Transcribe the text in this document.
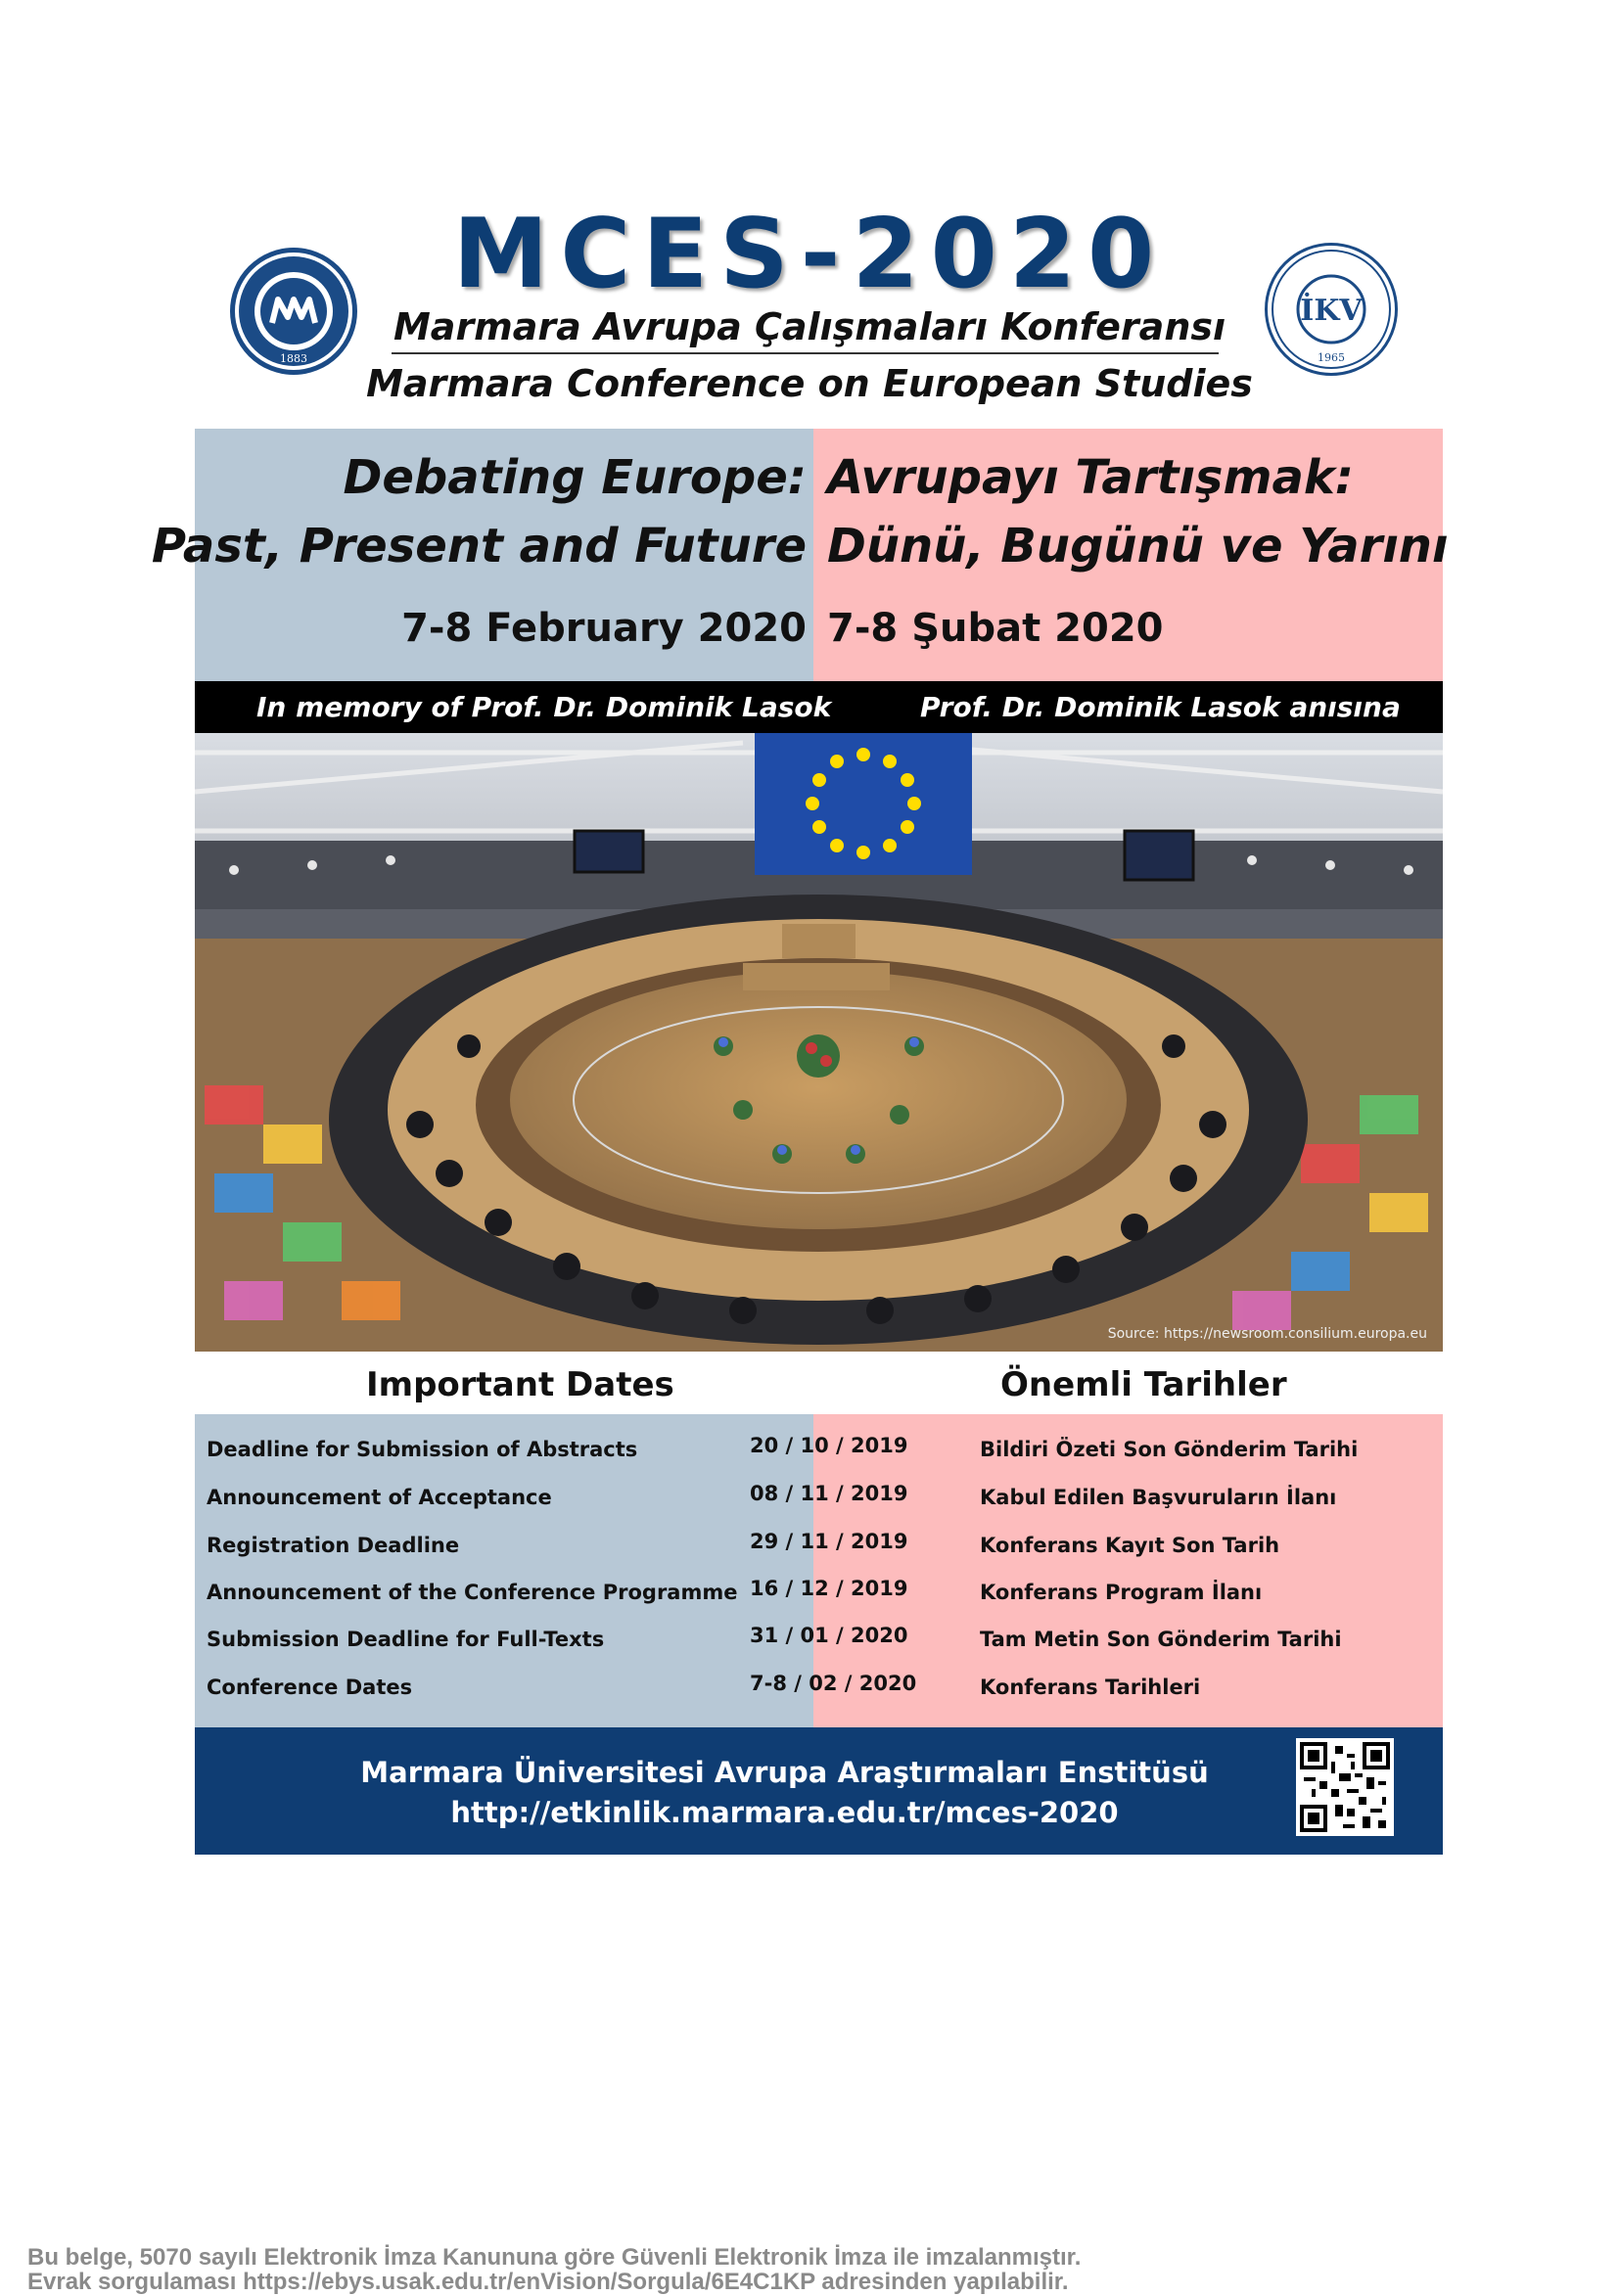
1883
MCES-2020
Marmara Avrupa Çalışmaları Konferansı
Marmara Conference on European Studies
İKV
1965
Debating Europe:
Past, Present and Future
Avrupayı Tartışmak:
Dünü, Bugünü ve Yarını
7-8 February 2020 7-8 Şubat 2020
In memory of Prof. Dr. Dominik Lasok	Prof. Dr. Dominik Lasok anısına
Source: https://newsroom.consilium.europa.eu
Important Dates	Önemli Tarihler
Deadline for Submission of Abstracts	20 / 10 / 2019	Bildiri Özeti Son Gönderim Tarihi
Announcement of Acceptance	08 / 11 / 2019	Kabul Edilen Başvuruların İlanı
Registration Deadline	29 / 11 / 2019	Konferans Kayıt Son Tarih
Announcement of the Conference Programme 16 / 12 / 2019	Konferans Program İlanı
Submission Deadline for Full-Texts	31 / 01 / 2020	Tam Metin Son Gönderim Tarihi
Conference Dates	7-8 / 02 / 2020	Konferans Tarihleri
Marmara Üniversitesi Avrupa Araştırmaları Enstitüsü
http://etkinlik.marmara.edu.tr/mces-2020
Bu belge, 5070 sayılı Elektronik İmza Kanununa göre Güvenli Elektronik İmza ile imzalanmıştır.
Evrak sorgulaması https://ebys.usak.edu.tr/enVision/Sorgula/6E4C1KP adresinden yapılabilir.
